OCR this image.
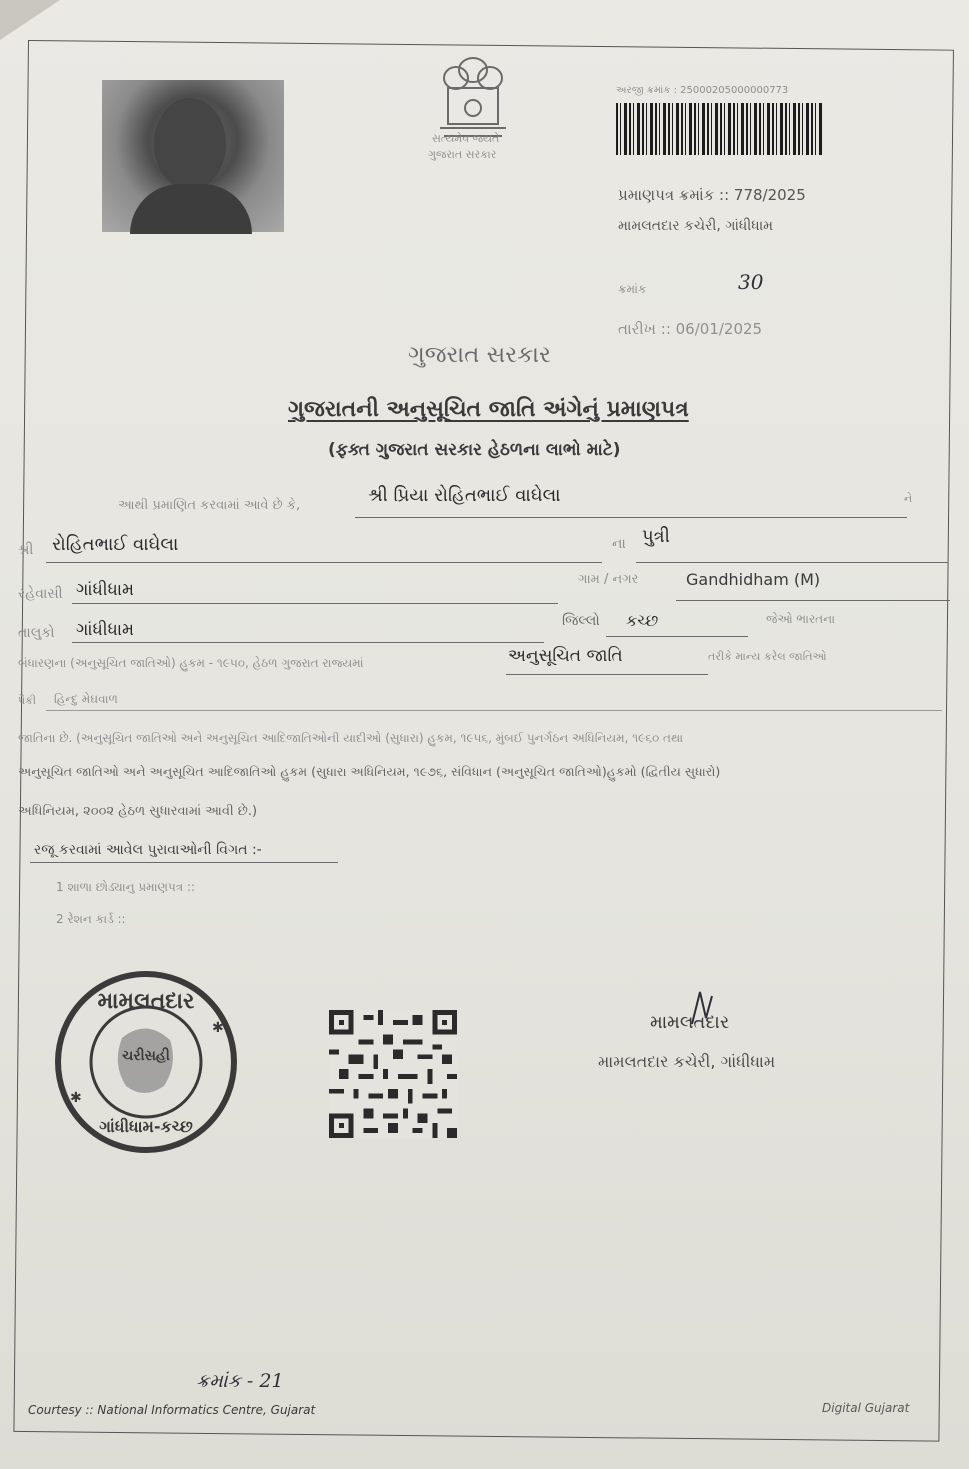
સત્યમેવ જયતે
ગુજરાત સરકાર
અરજી ક્રમાંક : 25000205000000773
પ્રમાણપત્ર ક્રમાંક :: 778/2025
મામલતદાર કચેરી, ગાંધીધામ
ક્રમાંક	30
તારીખ :: 06/01/2025
ગુજરાત સરકાર
ગુજરાતની અનુસૂચિત જાતિ અંગેનું પ્રમાણપત્ર
(ફક્ત ગુજરાત સરકાર હેઠળના લાભો માટે)
આથી પ્રમાણિત કરવામાં આવે છે કે,	શ્રી પ્રિયા રોહિતભાઈ વાઘેલા	ને
શ્રી રોહિતભાઈ વાઘેલા	ના પુત્રી
રહેવાસી ગાંધીધામ
ગામ / નગર	Gandhidham (M)
તાલુકો ગાંધીધામ	જિલ્લો કચ્છ	જેઓ ભારતના
બંધારણના (અનુસૂચિત જાતિઓ) હુકમ - ૧૯૫૦, હેઠળ ગુજરાત રાજ્યમાં	અનુસૂચિત જાતિ	તરીકે માન્ય કરેલ જાતિઓ
પૈકી હિન્દુ મેઘવાળ
જાતિના છે. (અનુસૂચિત જાતિઓ અને અનુસૂચિત આદિજાતિઓની યાદીઓ (સુધારા) હુકમ, ૧૯૫૬, મુંબઈ પુનર્ગઠન અધિનિયમ, ૧૯૬૦ તથા
અનુસૂચિત જાતિઓ અને અનુસૂચિત આદિજાતિઓ હુકમ (સુધારા અધિનિયમ, ૧૯૭૬, સંવિધાન (અનુસૂચિત જાતિઓ)હુકમો (દ્વિતીય સુધારો)
અધિનિયમ, ૨૦૦૨ હેઠળ સુધારવામાં આવી છે.)
રજૂ કરવામાં આવેલ પુરાવાઓની વિગત :-
1 શાળા છોડ્યાનુ પ્રમાણપત્ર ::
2 રેશન કાર્ડ ::
મામલતદાર
ચરીસહી
ગાંધીધામ-કચ્છ
✱
✱
મામલતદાર
મામલતદાર કચેરી, ગાંધીધામ
ક્રમાંક - 21
Courtesy :: National Informatics Centre, Gujarat	Digital Gujarat
